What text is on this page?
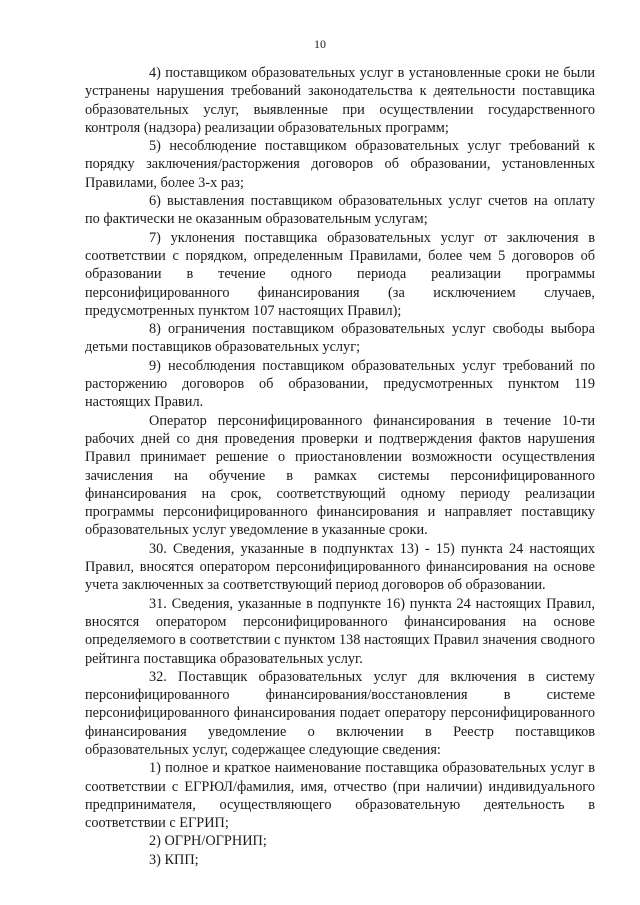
10

4) поставщиком образовательных услуг в установленные сроки не были устранены нарушения требований законодательства к деятельности поставщика образовательных услуг, выявленные при осуществлении государственного контроля (надзора) реализации образовательных программ;

5) несоблюдение поставщиком образовательных услуг требований к порядку заключения/расторжения договоров об образовании, установленных Правилами, более 3-х раз;

6) выставления поставщиком образовательных услуг счетов на оплату по фактически не оказанным образовательным услугам;

7) уклонения поставщика образовательных услуг от заключения в соответствии с порядком, определенным Правилами, более чем 5 договоров об образовании в течение одного периода реализации программы персонифицированного финансирования (за исключением случаев, предусмотренных пунктом 107 настоящих Правил);

8) ограничения поставщиком образовательных услуг свободы выбора детьми поставщиков образовательных услуг;

9) несоблюдения поставщиком образовательных услуг требований по расторжению договоров об образовании, предусмотренных пунктом 119 настоящих Правил.

Оператор персонифицированного финансирования в течение 10-ти рабочих дней со дня проведения проверки и подтверждения фактов нарушения Правил принимает решение о приостановлении возможности осуществления зачисления на обучение в рамках системы персонифицированного финансирования на срок, соответствующий одному периоду реализации программы персонифицированного финансирования и направляет поставщику образовательных услуг уведомление в указанные сроки.

30. Сведения, указанные в подпунктах 13) - 15) пункта 24 настоящих Правил, вносятся оператором персонифицированного финансирования на основе учета заключенных за соответствующий период договоров об образовании.

31. Сведения, указанные в подпункте 16) пункта 24 настоящих Правил, вносятся оператором персонифицированного финансирования на основе определяемого в соответствии с пунктом 138 настоящих Правил значения сводного рейтинга поставщика образовательных услуг.

32. Поставщик образовательных услуг для включения в систему персонифицированного финансирования/восстановления в системе персонифицированного финансирования подает оператору персонифицированного финансирования уведомление о включении в Реестр поставщиков образовательных услуг, содержащее следующие сведения:

1) полное и краткое наименование поставщика образовательных услуг в соответствии с ЕГРЮЛ/фамилия, имя, отчество (при наличии) индивидуального предпринимателя, осуществляющего образовательную деятельность в соответствии с ЕГРИП;

2) ОГРН/ОГРНИП;

3) КПП;
